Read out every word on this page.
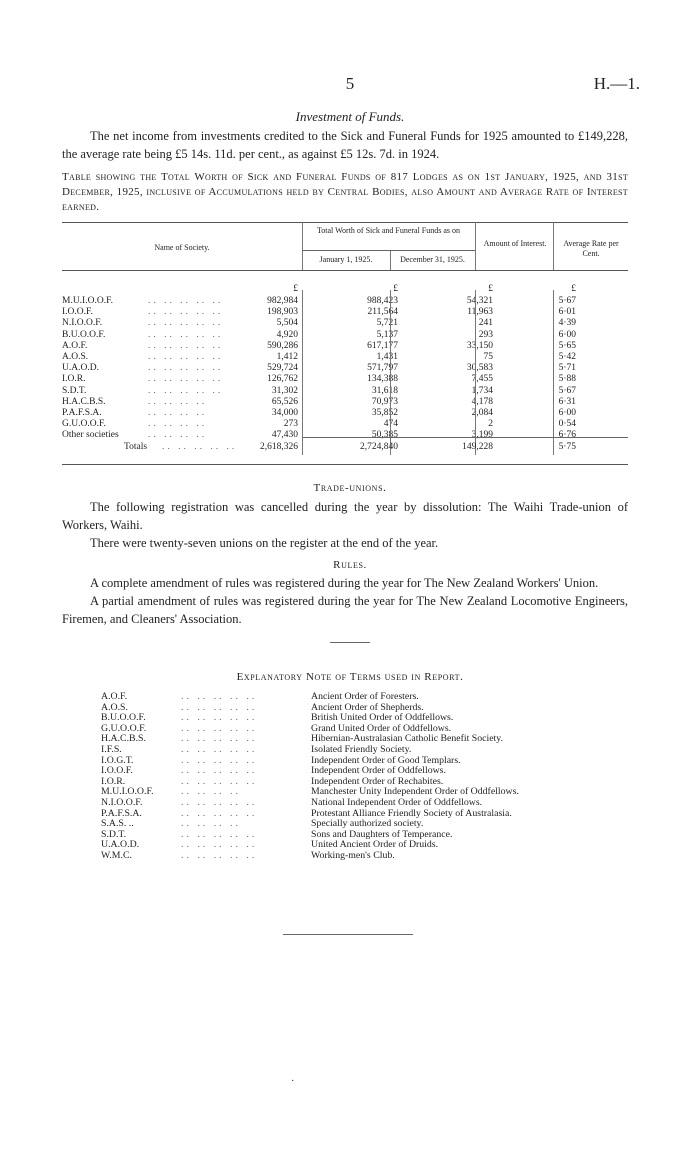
5	H.—1.
Investment of Funds.

The net income from investments credited to the Sick and Funeral Funds for 1925 amounted to £149,228, the average rate being £5 14s. 11d. per cent., as against £5 12s. 7d. in 1924.

Table showing the Total Worth of Sick and Funeral Funds of 817 Lodges as on 1st January, 1925, and 31st December, 1925, inclusive of Accumulations held by Central Bodies, also Amount and Average Rate of Interest earned.
Name of Society.
Total Worth of Sick and Funeral Funds as on
January 1, 1925.	December 31, 1925.
Amount of Interest.	Average Rate per Cent.
£	£	£	£
M.U.I.O.O.F.	.. .. .. .. ..	982,984	988,423	54,321	5·67
I.O.O.F.	.. .. .. .. ..	198,903	211,564	11,963	6·01
N.I.O.O.F.	.. .. .. .. ..	5,504	5,721	241	4·39
B.U.O.O.F.	.. .. .. .. ..	4,920	5,137	293	6·00
A.O.F.	.. .. .. .. ..	590,286	617,177	33,150	5·65
A.O.S.	.. .. .. .. ..	1,412	1,431	75	5·42
U.A.O.D.	.. .. .. .. ..	529,724	571,797	30,583	5·71
I.O.R.	.. .. .. .. ..	126,762	134,388	7,455	5·88
S.D.T.	.. .. .. .. ..	31,302	31,618	1,734	5·67
H.A.C.B.S.	.. .. .. ..	65,526	70,973	4,178	6·31
P.A.F.S.A.	.. .. .. ..	34,000	35,852	2,084	6·00
G.U.O.O.F.	.. .. .. ..	273	474	2	0·54
Other societies	.. .. .. ..	47,430	50,385	3,199	6·76
Totals .. .. .. .. .. 2,618,326	2,724,840	149,228	5·75
Trade-unions.

The following registration was cancelled during the year by dissolution: The Waihi Trade-union of Workers, Waihi.

There were twenty-seven unions on the register at the end of the year.

Rules.

A complete amendment of rules was registered during the year for The New Zealand Workers' Union.

A partial amendment of rules was registered during the year for The New Zealand Locomotive Engineers, Firemen, and Cleaners' Association.

Explanatory Note of Terms used in Report.
A.O.F.	.. .. .. .. ..	Ancient Order of Foresters.
A.O.S.	.. .. .. .. ..	Ancient Order of Shepherds.
B.U.O.O.F.	.. .. .. .. ..	British United Order of Oddfellows.
G.U.O.O.F.	.. .. .. .. ..	Grand United Order of Oddfellows.
H.A.C.B.S.	.. .. .. .. ..	Hibernian-Australasian Catholic Benefit Society.
I.F.S.	.. .. .. .. ..	Isolated Friendly Society.
I.O.G.T.	.. .. .. .. ..	Independent Order of Good Templars.
I.O.O.F.	.. .. .. .. ..	Independent Order of Oddfellows.
I.O.R.	.. .. .. .. ..	Independent Order of Rechabites.
M.U.I.O.O.F.	.. .. .. ..	Manchester Unity Independent Order of Oddfellows.
N.I.O.O.F.	.. .. .. .. ..	National Independent Order of Oddfellows.
P.A.F.S.A.	.. .. .. .. ..	Protestant Alliance Friendly Society of Australasia.
S.A.S. ..	.. .. .. ..	Specially authorized society.
S.D.T.	.. .. .. .. ..	Sons and Daughters of Temperance.
U.A.O.D.	.. .. .. .. ..	United Ancient Order of Druids.
W.M.C.	.. .. .. .. ..	Working-men's Club.
·
